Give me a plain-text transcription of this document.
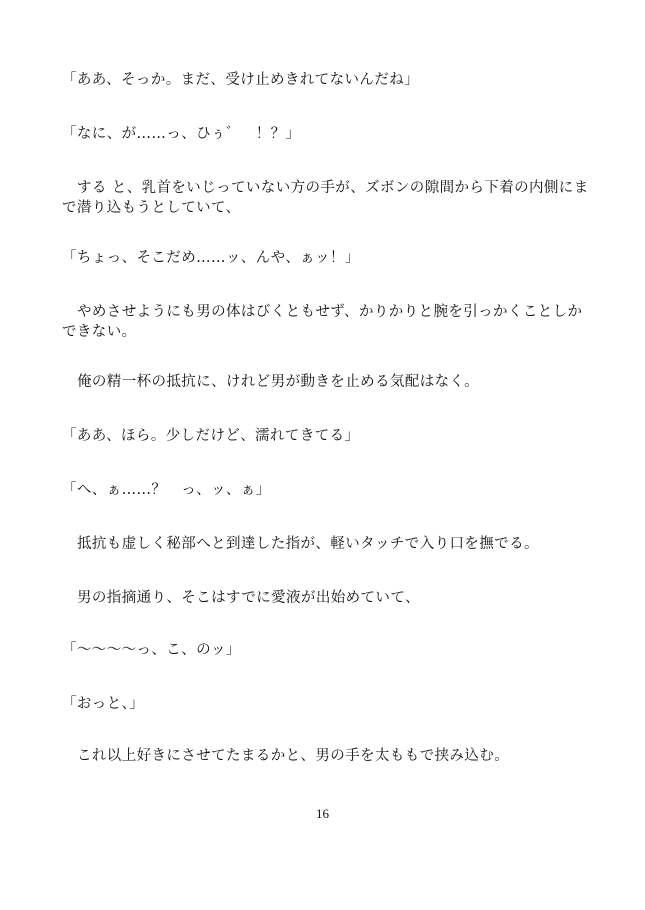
「ああ、そっか。まだ、受け止めきれてないんだね」

「なに、が……っ、ひぅ゛　！？」

する と、乳首をいじっていない方の手が、ズボンの隙間から下着の内側にまで潜り込もうとしていて、

「ちょっ、そこだめ……ッ、んや、ぁッ！」

やめさせようにも男の体はびくともせず、かりかりと腕を引っかくことしかできない。

俺の精一杯の抵抗に、けれど男が動きを止める気配はなく。

「ああ、ほら。少しだけど、濡れてきてる」

「へ、ぁ……？　っ、ッ、ぁ」

抵抗も虚しく秘部へと到達した指が、軽いタッチで入り口を撫でる。

男の指摘通り、そこはすでに愛液が出始めていて、

「〜〜〜〜っ、こ、のッ」

「おっと、」

これ以上好きにさせてたまるかと、男の手を太ももで挟み込む。

16
